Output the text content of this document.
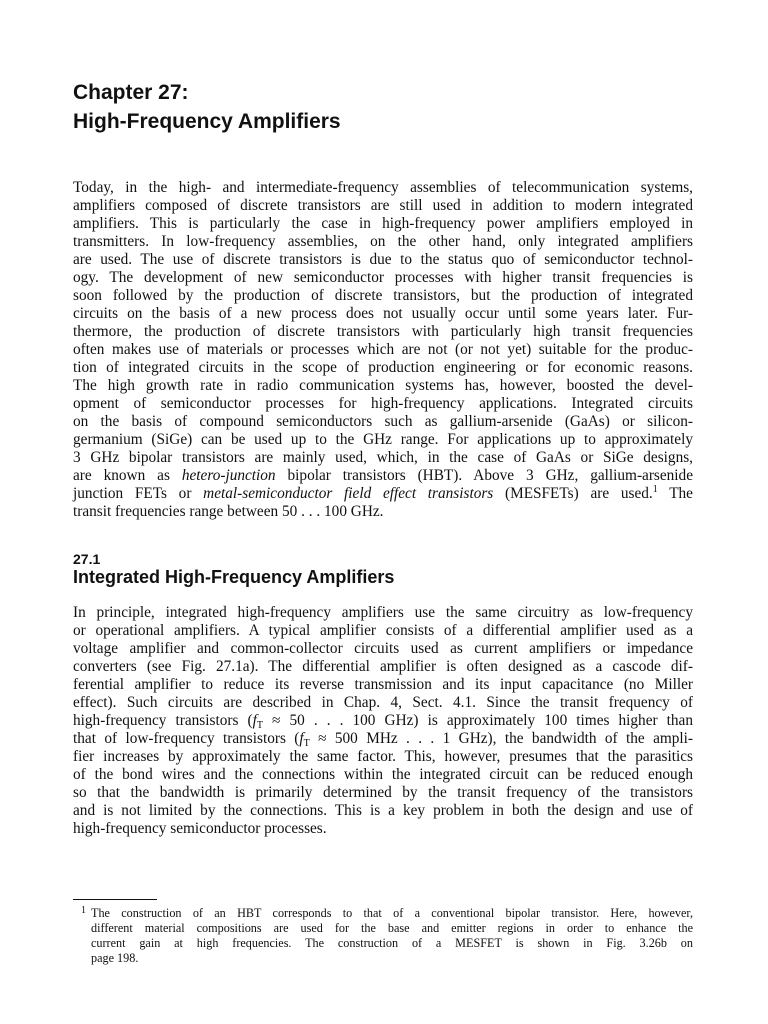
Chapter 27:
High-Frequency Amplifiers

Today, in the high- and intermediate-frequency assemblies of telecommunication systems,
amplifiers composed of discrete transistors are still used in addition to modern integrated
amplifiers. This is particularly the case in high-frequency power amplifiers employed in
transmitters. In low-frequency assemblies, on the other hand, only integrated amplifiers
are used. The use of discrete transistors is due to the status quo of semiconductor technol-
ogy. The development of new semiconductor processes with higher transit frequencies is
soon followed by the production of discrete transistors, but the production of integrated
circuits on the basis of a new process does not usually occur until some years later. Fur-
thermore, the production of discrete transistors with particularly high transit frequencies
often makes use of materials or processes which are not (or not yet) suitable for the produc-
tion of integrated circuits in the scope of production engineering or for economic reasons.
The high growth rate in radio communication systems has, however, boosted the devel-
opment of semiconductor processes for high-frequency applications. Integrated circuits
on the basis of compound semiconductors such as gallium-arsenide (GaAs) or silicon-
germanium (SiGe) can be used up to the GHz range. For applications up to approximately
3 GHz bipolar transistors are mainly used, which, in the case of GaAs or SiGe designs,
are known as hetero-junction bipolar transistors (HBT). Above 3 GHz, gallium-arsenide
junction FETs or metal-semiconductor field effect transistors (MESFETs) are used.$^1$ The
transit frequencies range between 50 . . . 100 GHz.

27.1
Integrated High-Frequency Amplifiers

In principle, integrated high-frequency amplifiers use the same circuitry as low-frequency
or operational amplifiers. A typical amplifier consists of a differential amplifier used as a
voltage amplifier and common-collector circuits used as current amplifiers or impedance
converters (see Fig. 27.1a). The differential amplifier is often designed as a cascode dif-
ferential amplifier to reduce its reverse transmission and its input capacitance (no Miller
effect). Such circuits are described in Chap. 4, Sect. 4.1. Since the transit frequency of
high-frequency transistors ($f_T \approx 50$ . . . 100 GHz) is approximately 100 times higher than
that of low-frequency transistors ($f_T \approx 500$ MHz . . . 1 GHz), the bandwidth of the ampli-
fier increases by approximately the same factor. This, however, presumes that the parasitics
of the bond wires and the connections within the integrated circuit can be reduced enough
so that the bandwidth is primarily determined by the transit frequency of the transistors
and is not limited by the connections. This is a key problem in both the design and use of
high-frequency semiconductor processes.

1 The construction of an HBT corresponds to that of a conventional bipolar transistor. Here, however,
different material compositions are used for the base and emitter regions in order to enhance the
current gain at high frequencies. The construction of a MESFET is shown in Fig. 3.26b on
page 198.
